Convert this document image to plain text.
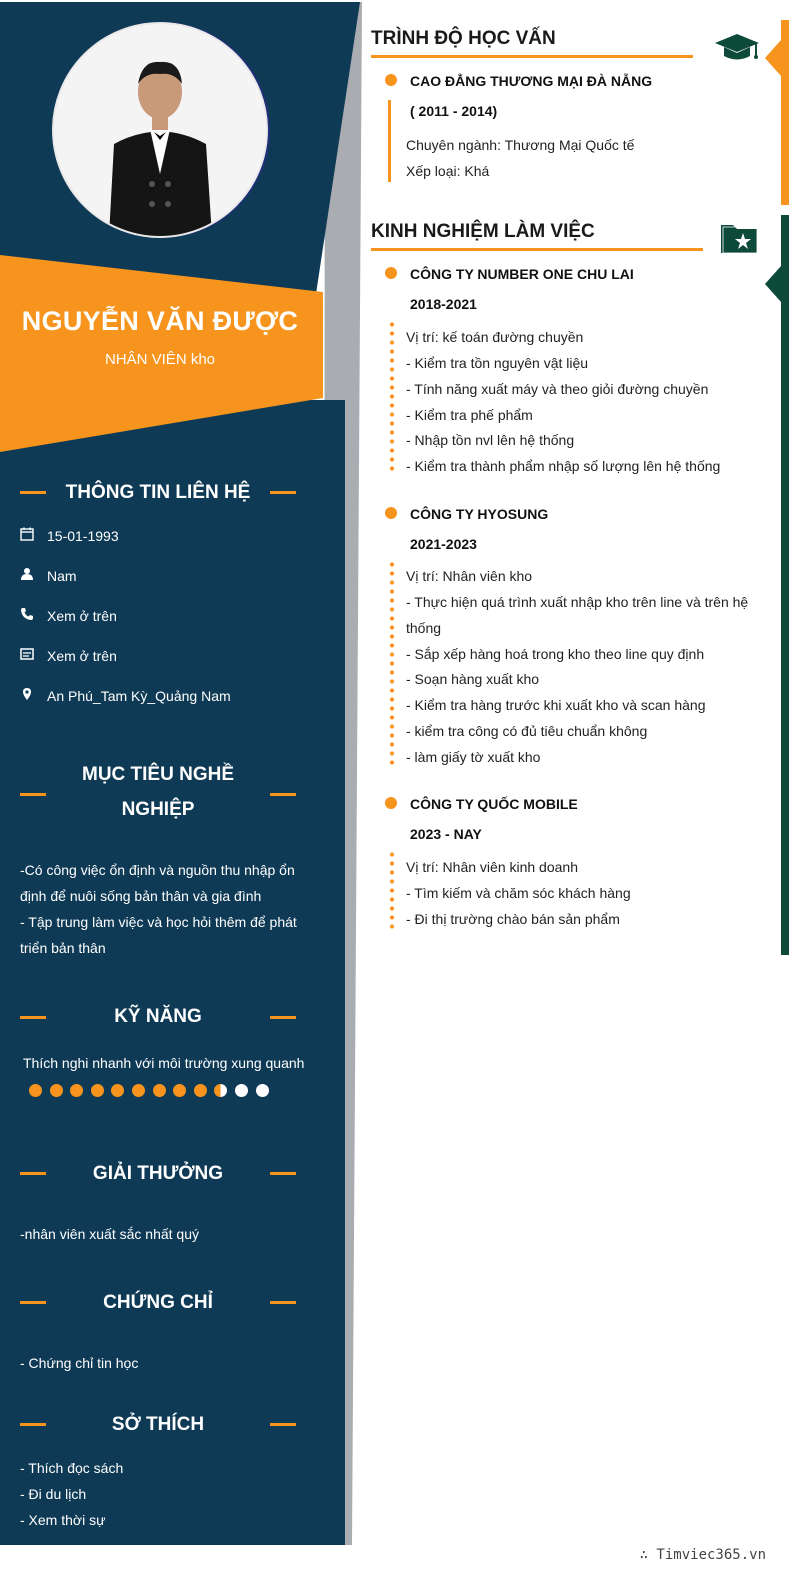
NGUYỄN VĂN ĐƯỢC
NHÂN VIÊN kho
THÔNG TIN LIÊN HỆ
15-01-1993
Nam
Xem ở trên
Xem ở trên
An Phú_Tam Kỳ_Quảng Nam
MỤC TIÊU NGHỀ
NGHIỆP
-Có công việc ổn định và nguồn thu nhập ổn
định để nuôi sống bản thân và gia đình
- Tập trung làm việc và học hỏi thêm để phát
triển bản thân
KỸ NĂNG
Thích nghi nhanh với môi trường xung quanh
GIẢI THƯỞNG
-nhân viên xuất sắc nhất quý
CHỨNG CHỈ
- Chứng chỉ tin học
SỞ THÍCH
- Thích đọc sách
- Đi du lịch
- Xem thời sự
TRÌNH ĐỘ HỌC VẤN
CAO ĐẲNG THƯƠNG MẠI ĐÀ NẴNG
( 2011 - 2014)
Chuyên ngành: Thương Mại Quốc tế
Xếp loại: Khá
KINH NGHIỆM LÀM VIỆC
CÔNG TY NUMBER ONE CHU LAI
2018-2021
Vị trí: kế toán đường chuyền
- Kiểm tra tồn nguyên vật liệu
- Tính năng xuất máy và theo giỏi đường chuyền
- Kiểm tra phế phẩm
- Nhập tồn nvl lên hệ thống
- Kiểm tra thành phẩm nhập số lượng lên hệ thống
CÔNG TY HYOSUNG
2021-2023
Vị trí: Nhân viên kho
- Thực hiện quá trình xuất nhập kho trên line và trên hệ
thống
- Sắp xếp hàng hoá trong kho theo line quy định
- Soạn hàng xuất kho
- Kiểm tra hàng trước khi xuất kho và scan hàng
- kiểm tra công có đủ tiêu chuẩn không
- làm giấy tờ xuất kho
CÔNG TY QUỐC MOBILE
2023 - NAY
Vị trí: Nhân viên kinh doanh
- Tìm kiếm và chăm sóc khách hàng
- Đi thị trường chào bán sản phẩm
∴ Timviec365.vn
